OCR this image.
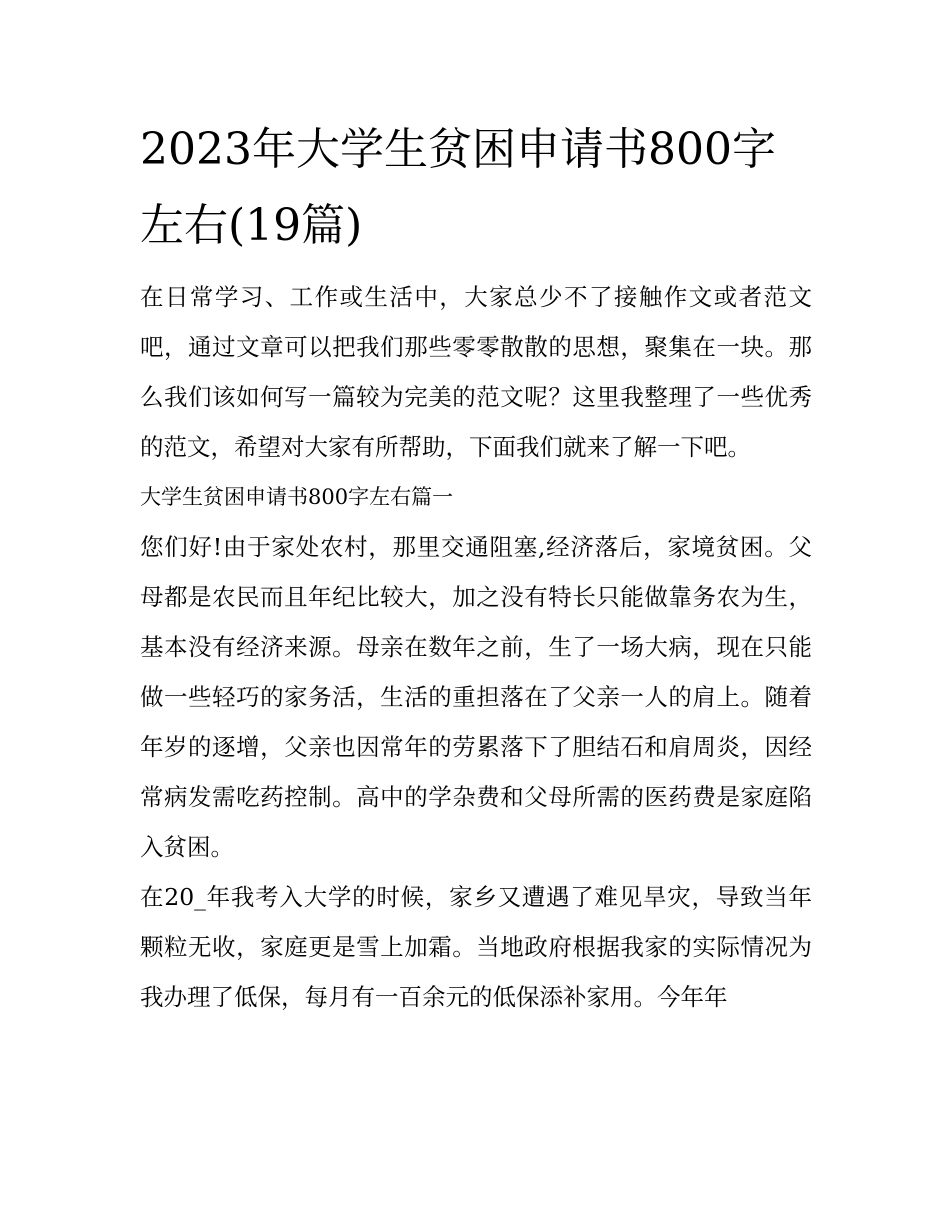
2023年大学生贫困申请书800字左右(19篇)

在日常学习、工作或生活中，大家总少不了接触作文或者范文吧，通过文章可以把我们那些零零散散的思想，聚集在一块。那么我们该如何写一篇较为完美的范文呢？这里我整理了一些优秀的范文，希望对大家有所帮助，下面我们就来了解一下吧。

大学生贫困申请书800字左右篇一

您们好!由于家处农村，那里交通阻塞,经济落后，家境贫困。父母都是农民而且年纪比较大，加之没有特长只能做靠务农为生，基本没有经济来源。母亲在数年之前，生了一场大病，现在只能做一些轻巧的家务活，生活的重担落在了父亲一人的肩上。随着年岁的逐增，父亲也因常年的劳累落下了胆结石和肩周炎，因经常病发需吃药控制。高中的学杂费和父母所需的医药费是家庭陷入贫困。

在20_年我考入大学的时候，家乡又遭遇了难见旱灾，导致当年颗粒无收，家庭更是雪上加霜。当地政府根据我家的实际情况为我办理了低保，每月有一百余元的低保添补家用。今年年
